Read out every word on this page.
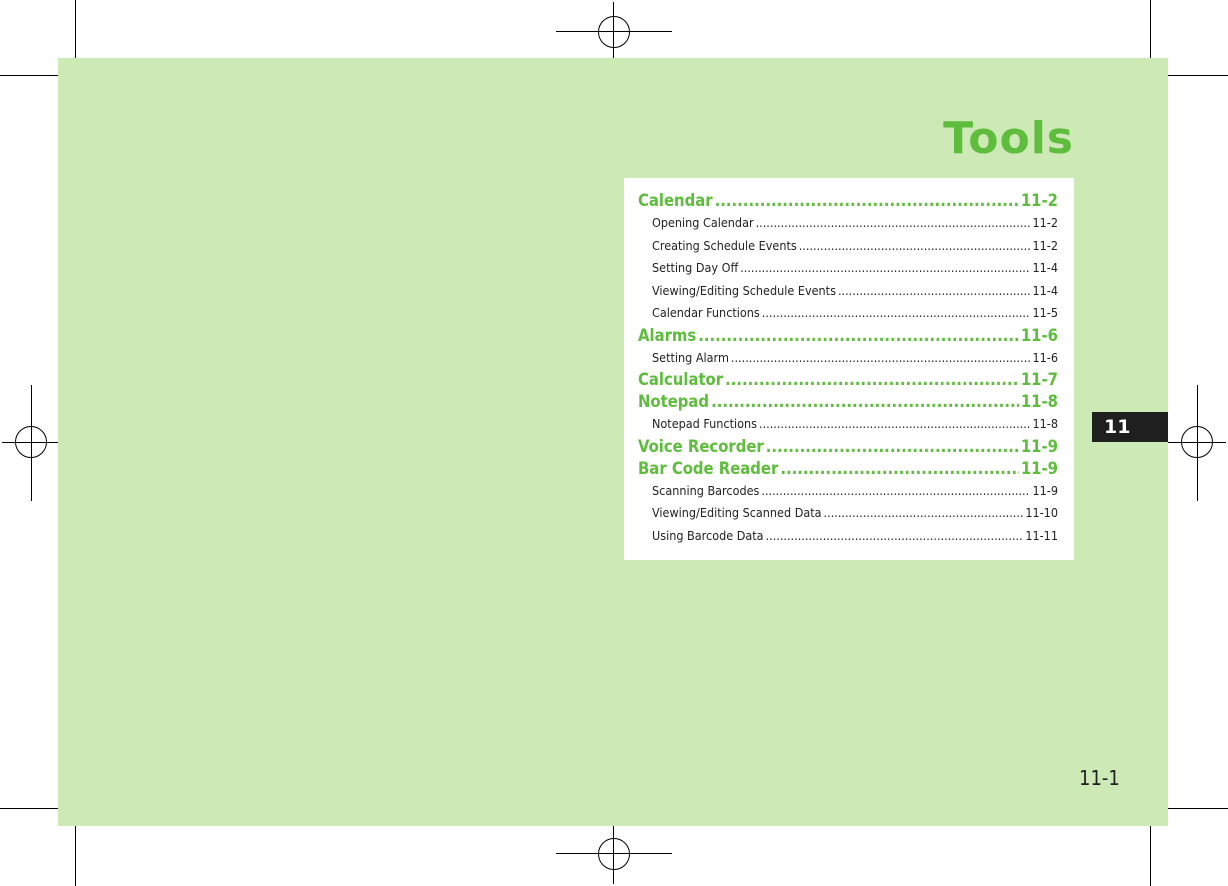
Tools
Calendar .....	11-2
Opening Calendar .....	11-2
Creating Schedule Events .....	11-2
Setting Day Off .....	11-4
Viewing/Editing Schedule Events .....	11-4
Calendar Functions .....	11-5
Alarms .....	11-6
Setting Alarm .....	11-6
Calculator .....	11-7
Notepad .....	11-8
Notepad Functions .....	11-8
Voice Recorder .....	11-9
Bar Code Reader .....	11-9
Scanning Barcodes .....	11-9
Viewing/Editing Scanned Data .....	11-10
Using Barcode Data .....	11-11
11
11-1
